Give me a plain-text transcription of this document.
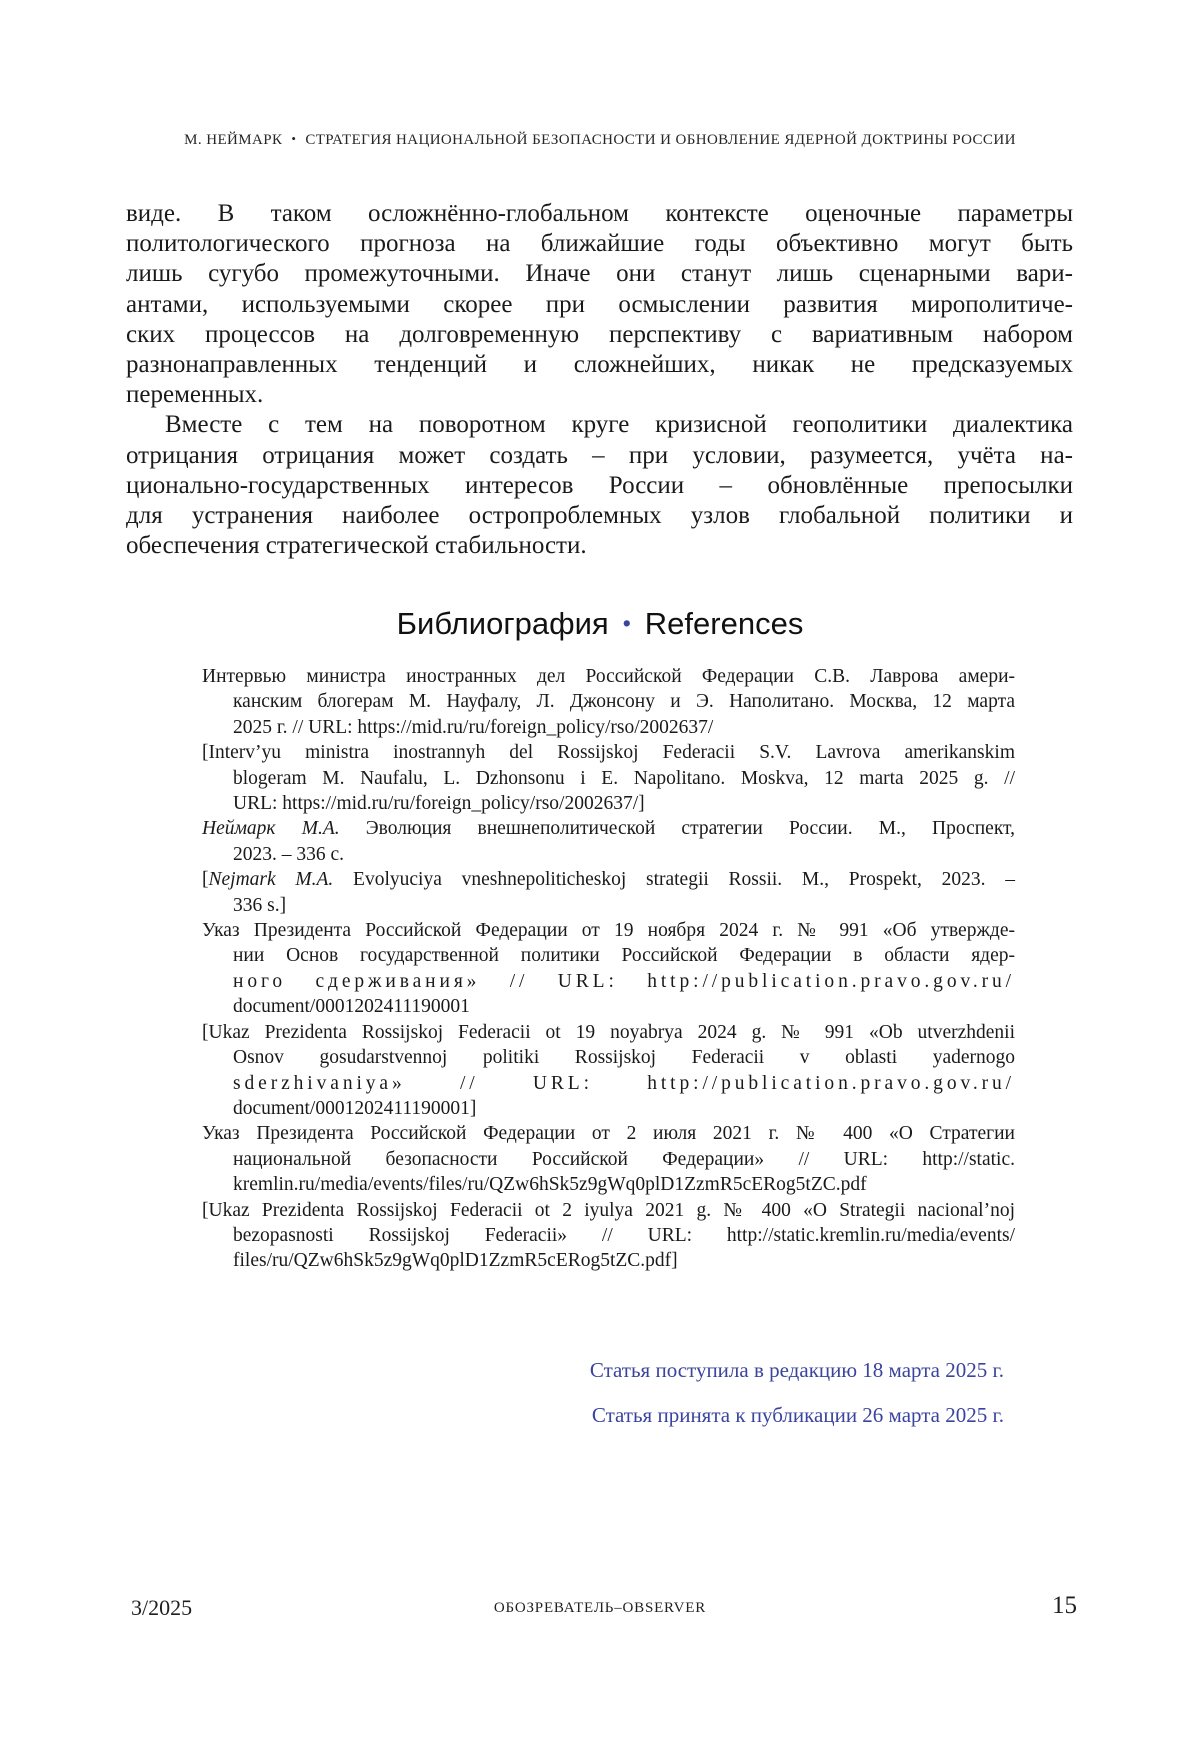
М. НЕЙМАРК • СТРАТЕГИЯ НАЦИОНАЛЬНОЙ БЕЗОПАСНОСТИ И ОБНОВЛЕНИЕ ЯДЕРНОЙ ДОКТРИНЫ РОССИИ
виде. В таком осложнённо-глобальном контексте оценочные параметры
политологического прогноза на ближайшие годы объективно могут быть
лишь сугубо промежуточными. Иначе они станут лишь сценарными вари-
антами, используемыми скорее при осмыслении развития мирополитиче-
ских процессов на долговременную перспективу с вариативным набором
разнонаправленных тенденций и сложнейших, никак не предсказуемых
переменных.
Вместе с тем на поворотном круге кризисной геополитики диалектика
отрицания отрицания может создать – при условии, разумеется, учёта на-
ционально-государственных интересов России – обновлённые препосылки
для устранения наиболее остропроблемных узлов глобальной политики и
обеспечения стратегической стабильности.
Библиография • References
Интервью министра иностранных дел Российской Федерации С.В. Лаврова амери-
канским блогерам М. Науфалу, Л. Джонсону и Э. Наполитано. Москва, 12 марта
2025 г. // URL: https://mid.ru/ru/foreign_policy/rso/2002637/
[Interv’yu ministra inostrannyh del Rossijskoj Federacii S.V. Lavrova amerikanskim
blogeram M. Naufalu, L. Dzhonsonu i E. Napolitano. Moskva, 12 marta 2025 g. //
URL: https://mid.ru/ru/foreign_policy/rso/2002637/]
Неймарк М.А. Эволюция внешнеполитической стратегии России. М., Проспект,
2023. – 336 с.
[Nejmark M.A. Evolyuciya vneshnepoliticheskoj strategii Rossii. M., Prospekt, 2023. –
336 s.]
Указ Президента Российской Федерации от 19 ноября 2024 г. № 991 «Об утвержде-
нии Основ государственной политики Российской Федерации в области ядер-
ного сдерживания» // URL: http://publication.pravo.gov.ru/
document/0001202411190001
[Ukaz Prezidenta Rossijskoj Federacii ot 19 noyabrya 2024 g. № 991 «Ob utverzhdenii
Osnov gosudarstvennoj politiki Rossijskoj Federacii v oblasti yadernogo
sderzhivaniya» // URL: http://publication.pravo.gov.ru/
document/0001202411190001]
Указ Президента Российской Федерации от 2 июля 2021 г. № 400 «О Стратегии
национальной безопасности Российской Федерации» // URL: http://static.
kremlin.ru/media/events/files/ru/QZw6hSk5z9gWq0plD1ZzmR5cERog5tZC.pdf
[Ukaz Prezidenta Rossijskoj Federacii ot 2 iyulya 2021 g. № 400 «O Strategii nacional’noj
bezopasnosti Rossijskoj Federacii» // URL: http://static.kremlin.ru/media/events/
files/ru/QZw6hSk5z9gWq0plD1ZzmR5cERog5tZC.pdf]
Статья поступила в редакцию 18 марта 2025 г.
Статья принята к публикации 26 марта 2025 г.
3/2025	ОБОЗРЕВАТЕЛЬ–OBSERVER	15
